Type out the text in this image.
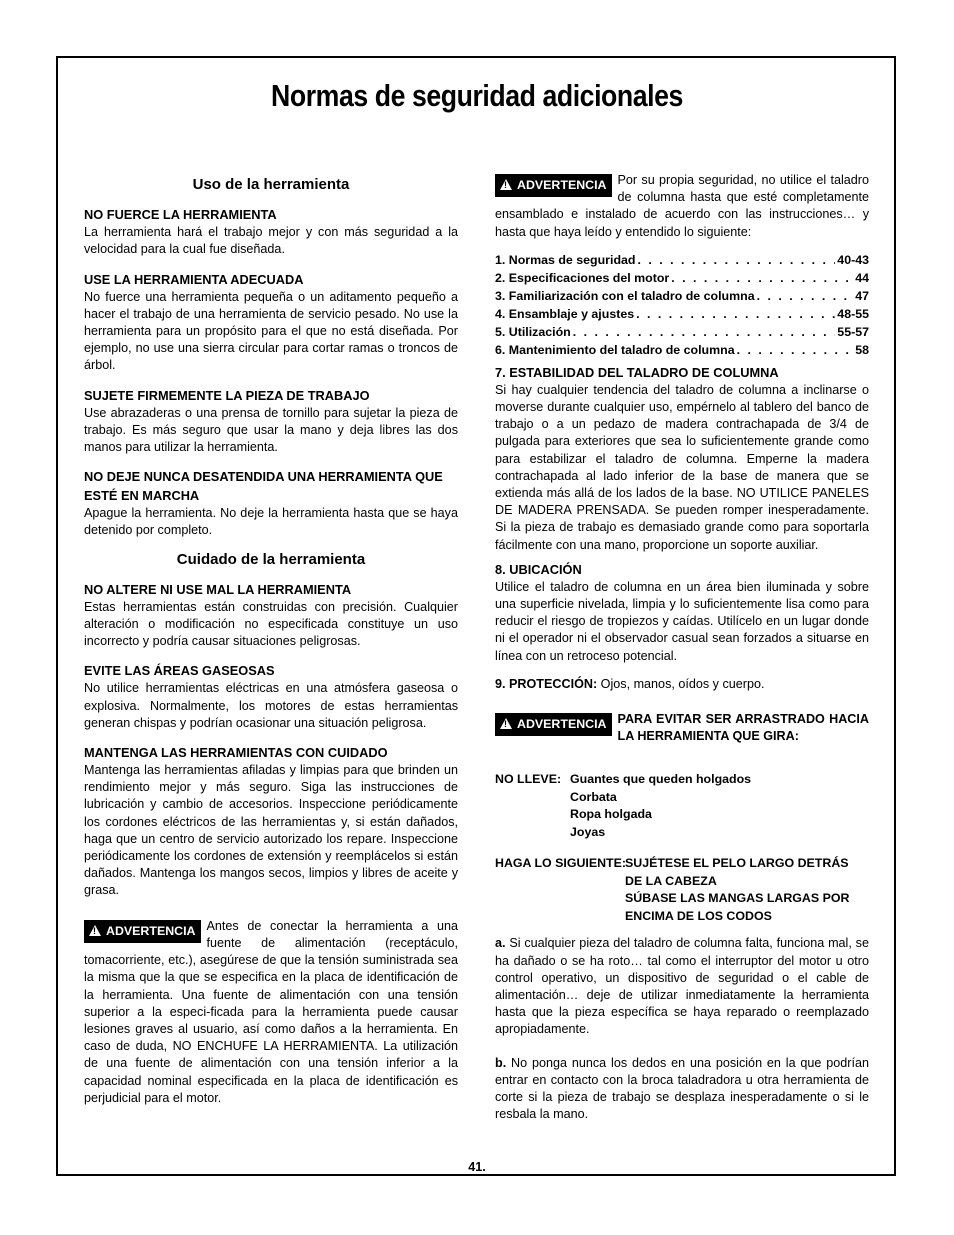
Normas de seguridad adicionales
Uso de la herramienta
NO FUERCE LA HERRAMIENTA
La herramienta hará el trabajo mejor y con más seguridad a la velocidad para la cual fue diseñada.
USE LA HERRAMIENTA ADECUADA
No fuerce una herramienta pequeña o un aditamento pequeño a hacer el trabajo de una herramienta de servicio pesado. No use la herramienta para un propósito para el que no está diseñada. Por ejemplo, no use una sierra circular para cortar ramas o troncos de árbol.
SUJETE FIRMEMENTE LA PIEZA DE TRABAJO
Use abrazaderas o una prensa de tornillo para sujetar la pieza de trabajo. Es más seguro que usar la mano y deja libres las dos manos para utilizar la herramienta.
NO DEJE NUNCA DESATENDIDA UNA HERRAMIENTA QUE ESTÉ EN MARCHA
Apague la herramienta. No deje la herramienta hasta que se haya detenido por completo.
Cuidado de la herramienta
NO ALTERE NI USE MAL LA HERRAMIENTA
Estas herramientas están construidas con precisión. Cualquier alteración o modificación no especificada constituye un uso incorrecto y podría causar situaciones peligrosas.
EVITE LAS ÁREAS GASEOSAS
No utilice herramientas eléctricas en una atmósfera gaseosa o explosiva. Normalmente, los motores de estas herramientas generan chispas y podrían ocasionar una situación peligrosa.
MANTENGA LAS HERRAMIENTAS CON CUIDADO
Mantenga las herramientas afiladas y limpias para que brinden un rendimiento mejor y más seguro. Siga las instrucciones de lubricación y cambio de accesorios. Inspeccione periódicamente los cordones eléctricos de las herramientas y, si están dañados, haga que un centro de servicio autorizado los repare. Inspeccione periódicamente los cordones de extensión y reemplácelos si están dañados. Mantenga los mangos secos, limpios y libres de aceite y grasa.
! ADVERTENCIA Antes de conectar la herramienta a una fuente de alimentación (receptáculo, tomacorriente, etc.), asegúrese de que la tensión suministrada sea la misma que la que se especifica en la placa de identificación de la herramienta. Una fuente de alimentación con una tensión superior a la especi-ficada para la herramienta puede causar lesiones graves al usuario, así como daños a la herramienta. En caso de duda, NO ENCHUFE LA HERRAMIENTA. La utilización de una fuente de alimentación con una tensión inferior a la capacidad nominal especificada en la placa de identificación es perjudicial para el motor.
! ADVERTENCIA Por su propia seguridad, no utilice el taladro de columna hasta que esté completamente ensamblado e instalado de acuerdo con las instrucciones… y hasta que haya leído y entendido lo siguiente:
1. Normas de seguridad . . .	40-43
2. Especificaciones del motor . . .	44
3. Familiarización con el taladro de columna . . .	47
4. Ensamblaje y ajustes . . .	48-55
5. Utilización . . .	55-57
6. Mantenimiento del taladro de columna . . .	58
7. ESTABILIDAD DEL TALADRO DE COLUMNA
Si hay cualquier tendencia del taladro de columna a inclinarse o moverse durante cualquier uso, empérnelo al tablero del banco de trabajo o a un pedazo de madera contrachapada de 3/4 de pulgada para exteriores que sea lo suficientemente grande como para estabilizar el taladro de columna. Emperne la madera contrachapada al lado inferior de la base de manera que se extienda más allá de los lados de la base. NO UTILICE PANELES DE MADERA PRENSADA. Se pueden romper inesperadamente. Si la pieza de trabajo es demasiado grande como para soportarla fácilmente con una mano, proporcione un soporte auxiliar.
8. UBICACIÓN
Utilice el taladro de columna en un área bien iluminada y sobre una superficie nivelada, limpia y lo suficientemente lisa como para reducir el riesgo de tropiezos y caídas. Utilícelo en un lugar donde ni el operador ni el observador casual sean forzados a situarse en línea con un retroceso potencial.
9. PROTECCIÓN: Ojos, manos, oídos y cuerpo.
! ADVERTENCIA PARA EVITAR SER ARRASTRADO HACIA LA HERRAMIENTA QUE GIRA:
NO LLEVE: Guantes que queden holgados
Corbata
Ropa holgada
Joyas
HAGA LO SIGUIENTE:
SUJÉTESE EL PELO LARGO DETRÁS
DE LA CABEZA
SÚBASE LAS MANGAS LARGAS POR
ENCIMA DE LOS CODOS
a. Si cualquier pieza del taladro de columna falta, funciona mal, se ha dañado o se ha roto… tal como el interruptor del motor u otro control operativo, un dispositivo de seguridad o el cable de alimentación… deje de utilizar inmediatamente la herramienta hasta que la pieza específica se haya reparado o reemplazado apropiadamente.
b. No ponga nunca los dedos en una posición en la que podrían entrar en contacto con la broca taladradora u otra herramienta de corte si la pieza de trabajo se desplaza inesperadamente o si le resbala la mano.
41.
